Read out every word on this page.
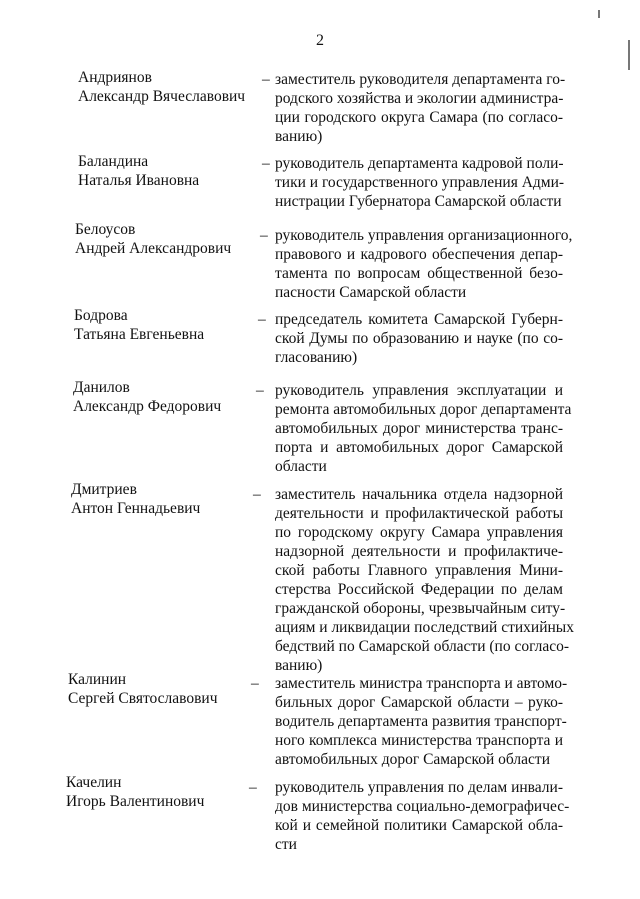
2
Андриянов
Александр Вячеславович
– заместитель руководителя департамента го-
родского хозяйства и экологии администра-
ции городского округа Самара (по согласо-
ванию)
Баландина
Наталья Ивановна
– руководитель департамента кадровой поли-
тики и государственного управления Адми-
нистрации Губернатора Самарской области
Белоусов
Андрей Александрович
– руководитель управления организационного,
правового и кадрового обеспечения депар-
тамента по вопросам общественной безо-
пасности Самарской области
Бодрова
Татьяна Евгеньевна
– председатель комитета Самарской Губерн-
ской Думы по образованию и науке (по со-
гласованию)
Данилов
Александр Федорович
– руководитель управления эксплуатации и
ремонта автомобильных дорог департамента
автомобильных дорог министерства транс-
порта и автомобильных дорог Самарской
области
Дмитриев
Антон Геннадьевич
– заместитель начальника отдела надзорной
деятельности и профилактической работы
по городскому округу Самара управления
надзорной деятельности и профилактиче-
ской работы Главного управления Мини-
стерства Российской Федерации по делам
гражданской обороны, чрезвычайным ситу-
ациям и ликвидации последствий стихийных
бедствий по Самарской области (по согласо-
ванию)
Калинин
Сергей Святославович
– заместитель министра транспорта и автомо-
бильных дорог Самарской области – руко-
водитель департамента развития транспорт-
ного комплекса министерства транспорта и
автомобильных дорог Самарской области
Качелин
Игорь Валентинович
– руководитель управления по делам инвали-
дов министерства социально-демографичес-
кой и семейной политики Самарской обла-
сти
